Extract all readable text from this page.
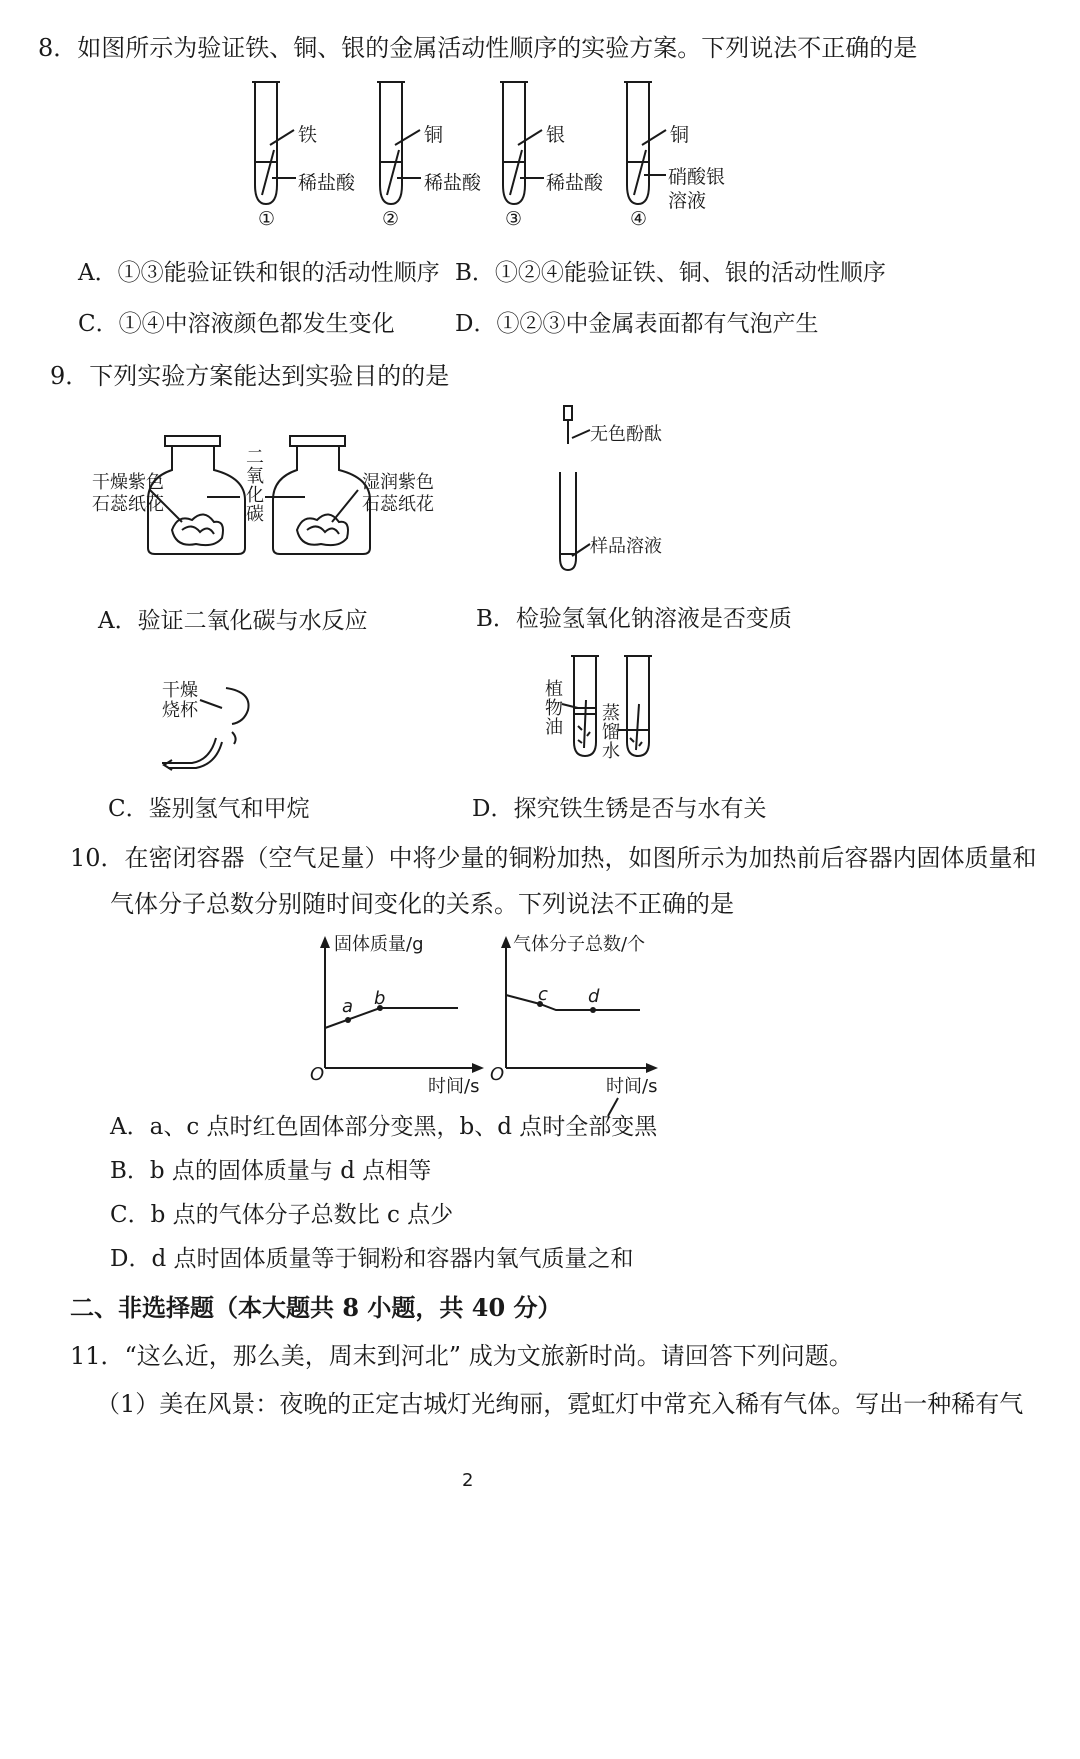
8．如图所示为验证铁、铜、银的金属活动性顺序的实验方案。下列说法不正确的是
铁
稀盐酸
①
铜
稀盐酸
②
银
稀盐酸
③
铜
硝酸银
溶液
④
A．①③能验证铁和银的活动性顺序 B．①②④能验证铁、铜、银的活动性顺序
C．①④中溶液颜色都发生变化	D．①②③中金属表面都有气泡产生
9．下列实验方案能达到实验目的的是
干燥紫色
石蕊纸花
二
氧
化
碳
湿润紫色
石蕊纸花
无色酚酞
样品溶液
A．验证二氧化碳与水反应	B．检验氢氧化钠溶液是否变质
干燥
烧杯
植
物
油
蒸
馏
水
C．鉴别氢气和甲烷	D．探究铁生锈是否与水有关
10．在密闭容器（空气足量）中将少量的铜粉加热，如图所示为加热前后容器内固体质量和
气体分子总数分别随时间变化的关系。下列说法不正确的是
固体质量/g
时间/s
O
a b
气体分子总数/个
时间/s
O
c d
A．a、c 点时红色固体部分变黑，b、d 点时全部变黑
B．b 点的固体质量与 d 点相等
C．b 点的气体分子总数比 c 点少
D．d 点时固体质量等于铜粉和容器内氧气质量之和
二、非选择题（本大题共 8 小题，共 40 分）
11．“这么近，那么美，周末到河北” 成为文旅新时尚。请回答下列问题。
（1）美在风景：夜晚的正定古城灯光绚丽，霓虹灯中常充入稀有气体。写出一种稀有气
2
